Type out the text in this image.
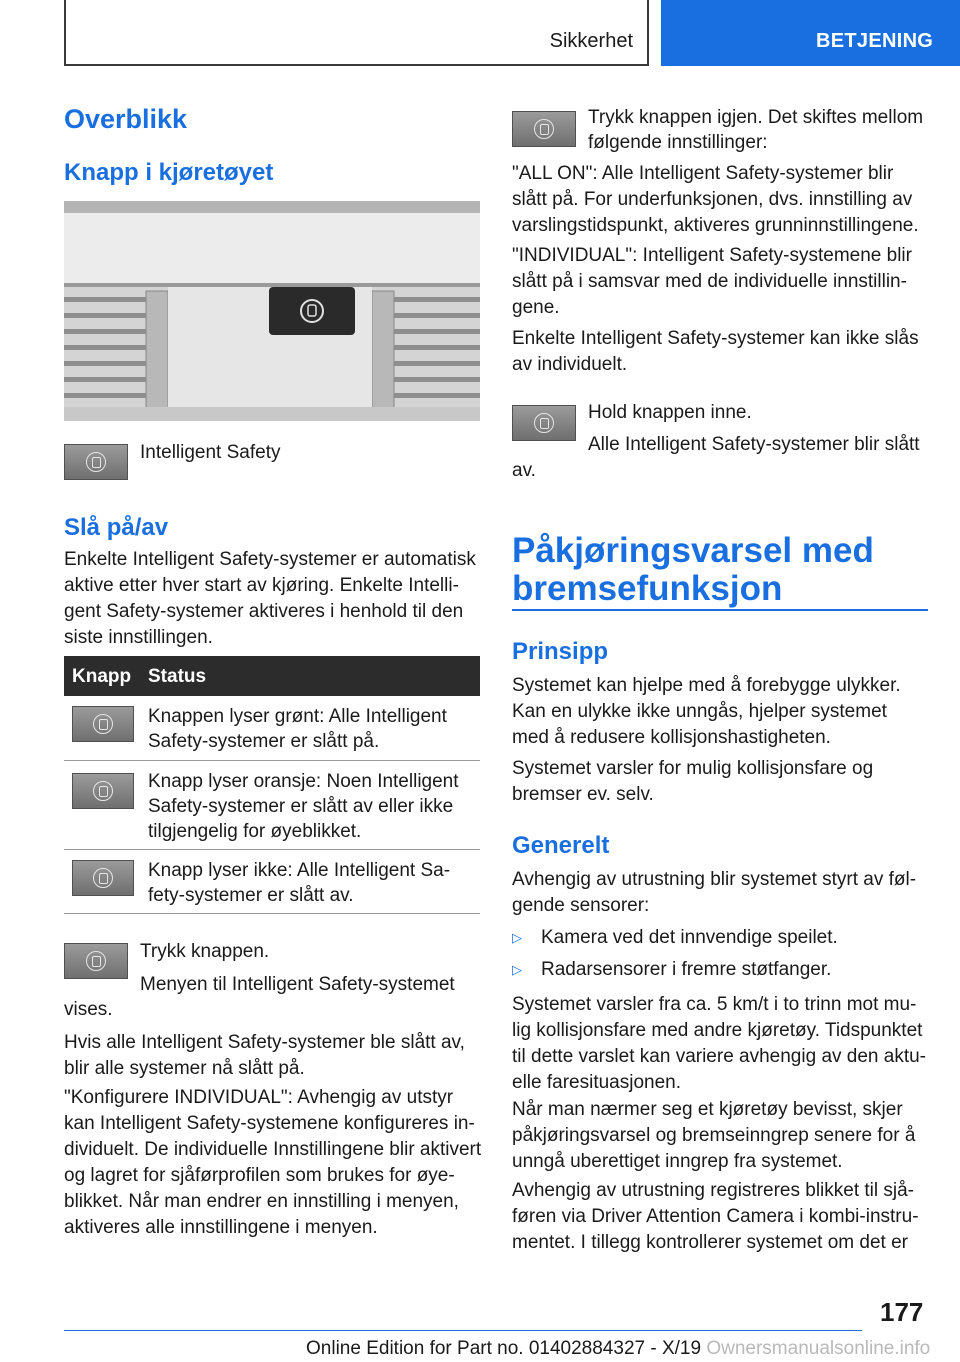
Sikkerhet	BETJENING
Overblikk
Knapp i kjøretøyet
Intelligent Safety
Slå på/av
Enkelte Intelligent Safety-systemer er automatisk
aktive etter hver start av kjøring. Enkelte Intelli‐
gent Safety-systemer aktiveres i henhold til den
siste innstillingen.
Knapp Status
Knappen lyser grønt: Alle Intelligent
Safety-systemer er slått på.
Knapp lyser oransje: Noen Intelligent
Safety-systemer er slått av eller ikke
tilgjengelig for øyeblikket.
Knapp lyser ikke: Alle Intelligent Sa‐
fety-systemer er slått av.
Trykk knappen.
Menyen til Intelligent Safety-systemet
vises.
Hvis alle Intelligent Safety-systemer ble slått av,
blir alle systemer nå slått på.
"Konfigurere INDIVIDUAL": Avhengig av utstyr
kan Intelligent Safety-systemene konfigureres in‐
dividuelt. De individuelle Innstillingene blir aktivert
og lagret for sjåførprofilen som brukes for øye‐
blikket. Når man endrer en innstilling i menyen,
aktiveres alle innstillingene i menyen.
Trykk knappen igjen. Det skiftes mellom
følgende innstillinger:
"ALL ON": Alle Intelligent Safety-systemer blir
slått på. For underfunksjonen, dvs. innstilling av
varslingstidspunkt, aktiveres grunninnstillingene.
"INDIVIDUAL": Intelligent Safety-systemene blir
slått på i samsvar med de individuelle innstillin‐
gene.
Enkelte Intelligent Safety-systemer kan ikke slås
av individuelt.
Hold knappen inne.
Alle Intelligent Safety-systemer blir slått
av.
Påkjøringsvarsel med
bremsefunksjon
Prinsipp
Systemet kan hjelpe med å forebygge ulykker.
Kan en ulykke ikke unngås, hjelper systemet
med å redusere kollisjonshastigheten.
Systemet varsler for mulig kollisjonsfare og
bremser ev. selv.
Generelt
Avhengig av utrustning blir systemet styrt av føl‐
gende sensorer:
▷ Kamera ved det innvendige speilet.
▷ Radarsensorer i fremre støtfanger.
Systemet varsler fra ca. 5 km/t i to trinn mot mu‐
lig kollisjonsfare med andre kjøretøy. Tidspunktet
til dette varslet kan variere avhengig av den aktu‐
elle faresituasjonen.
Når man nærmer seg et kjøretøy bevisst, skjer
påkjøringsvarsel og bremseinngrep senere for å
unngå uberettiget inngrep fra systemet.
Avhengig av utrustning registreres blikket til sjå‐
føren via Driver Attention Camera i kombi-instru‐
mentet. I tillegg kontrollerer systemet om det er
177
Online Edition for Part no. 01402884327 - X/19 Ownersmanualsonline.info
